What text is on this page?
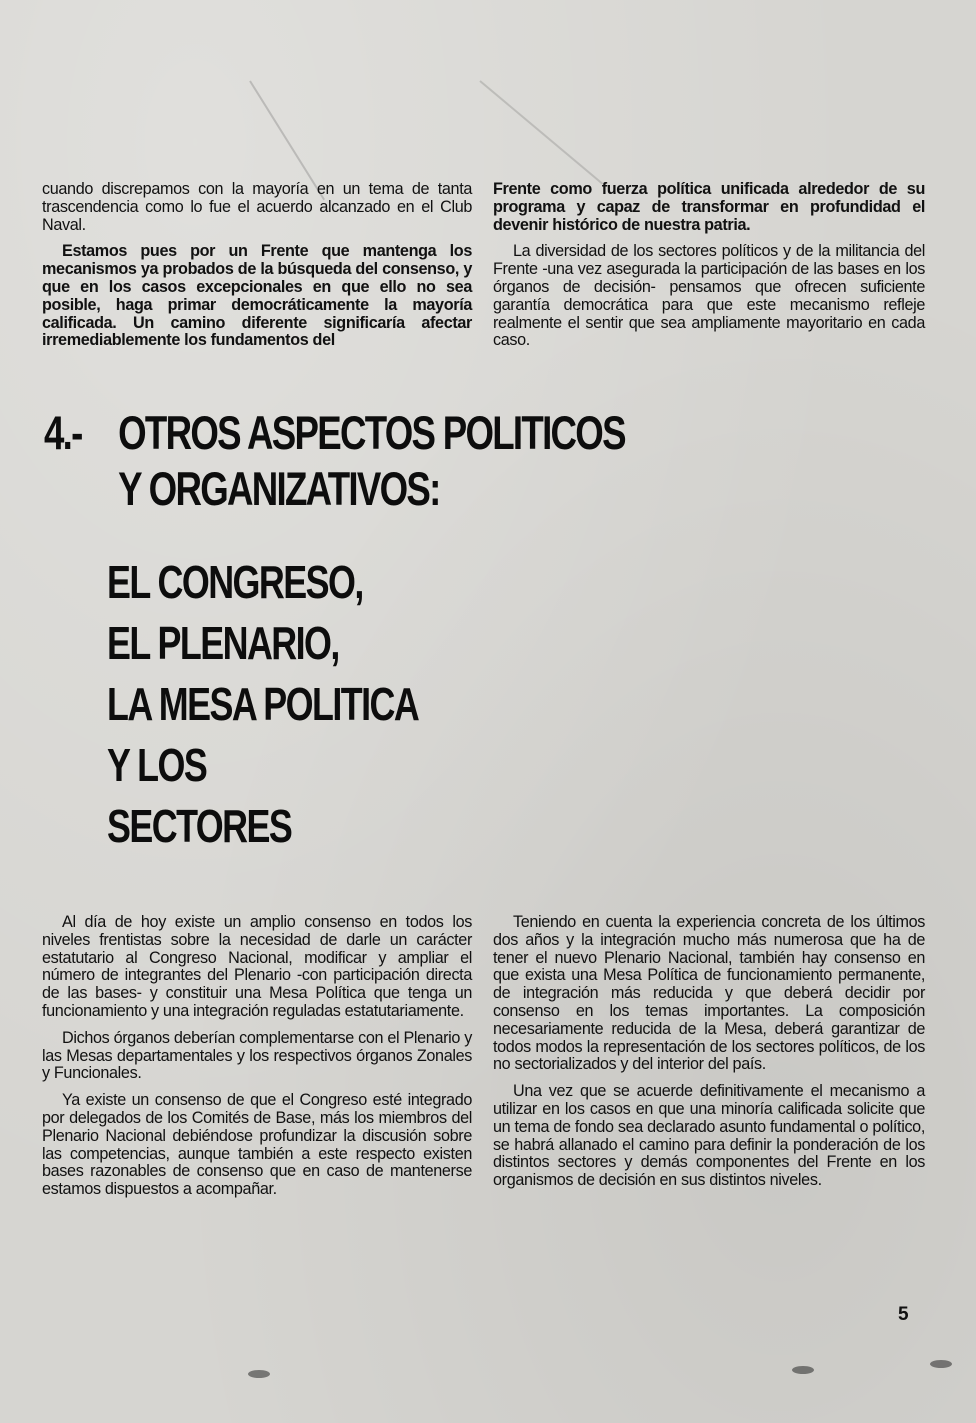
cuando discrepamos con la mayoría en un tema de tanta trascendencia como lo fue el acuerdo alcanzado en el Club Naval.

Estamos pues por un Frente que mantenga los mecanismos ya probados de la búsqueda del consenso, y que en los casos excepcionales en que ello no sea posible, haga primar democráticamente la mayoría calificada. Un camino diferente significaría afectar irremediablemente los fundamentos del

Frente como fuerza política unificada alrededor de su programa y capaz de transformar en profundidad el devenir histórico de nuestra patria.

La diversidad de los sectores políticos y de la militancia del Frente -una vez asegurada la participación de las bases en los órganos de decisión- pensamos que ofrecen suficiente garantía democrática para que este mecanismo refleje realmente el sentir que sea ampliamente mayoritario en cada caso.

4.- OTROS ASPECTOS POLITICOS
Y ORGANIZATIVOS:
EL CONGRESO,
EL PLENARIO,
LA MESA POLITICA
Y LOS
SECTORES

Al día de hoy existe un amplio consenso en todos los niveles frentistas sobre la necesidad de darle un carácter estatutario al Congreso Nacional, modificar y ampliar el número de integrantes del Plenario -con participación directa de las bases- y constituir una Mesa Política que tenga un funcionamiento y una integración reguladas estatutariamente.

Dichos órganos deberían complementarse con el Plenario y las Mesas departamentales y los respectivos órganos Zonales y Funcionales.

Ya existe un consenso de que el Congreso esté integrado por delegados de los Comités de Base, más los miembros del Plenario Nacional debiéndose profundizar la discusión sobre las competencias, aunque también a este respecto existen bases razonables de consenso que en caso de mantenerse estamos dispuestos a acompañar.

Teniendo en cuenta la experiencia concreta de los últimos dos años y la integración mucho más numerosa que ha de tener el nuevo Plenario Nacional, también hay consenso en que exista una Mesa Política de funcionamiento permanente, de integración más reducida y que deberá decidir por consenso en los temas importantes. La composición necesariamente reducida de la Mesa, deberá garantizar de todos modos la representación de los sectores políticos, de los no sectorializados y del interior del país.

Una vez que se acuerde definitivamente el mecanismo a utilizar en los casos en que una minoría calificada solicite que un tema de fondo sea declarado asunto fundamental o político, se habrá allanado el camino para definir la ponderación de los distintos sectores y demás componentes del Frente en los organismos de decisión en sus distintos niveles.

5
